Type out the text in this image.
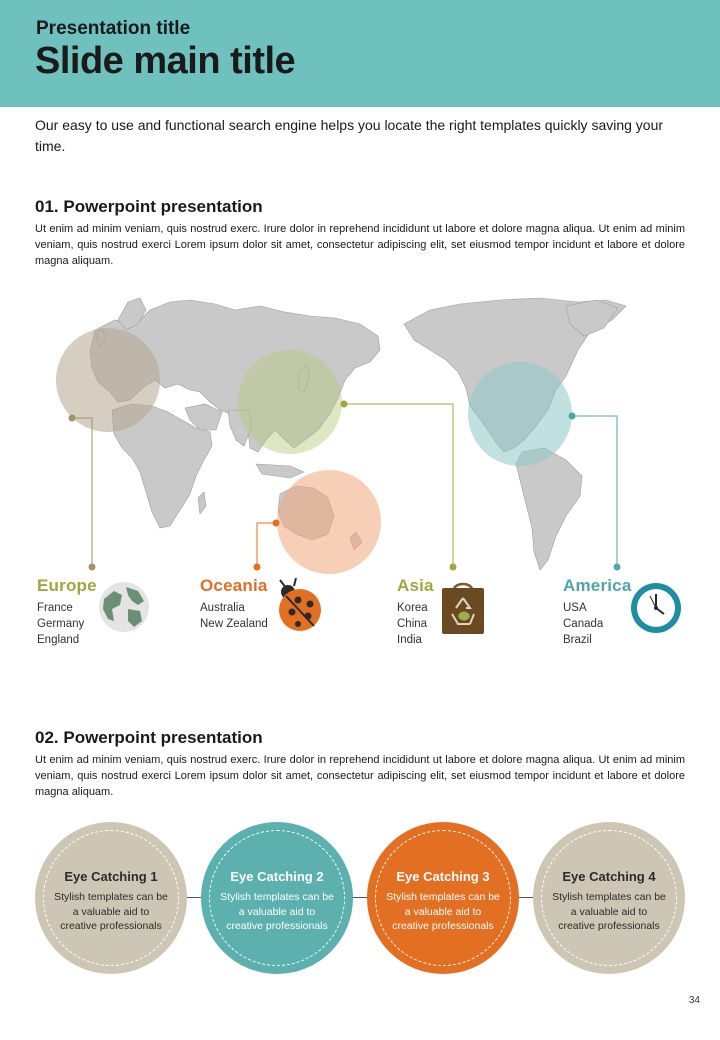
Presentation title
Slide main title
Our easy to use and functional search engine helps you locate the right templates quickly saving your time.
01. Powerpoint presentation
Ut enim ad minim veniam, quis nostrud exerc. Irure dolor in reprehend incididunt ut labore et dolore magna aliqua. Ut enim ad minim veniam, quis nostrud exerci Lorem ipsum dolor sit amet, consectetur adipiscing elit, set eiusmod tempor incidunt et labore et dolore magna aliquam.
Europe
France
Germany
England
Oceania
Australia
New Zealand
Asia
Korea
China
India
America
USA
Canada
Brazil
02. Powerpoint presentation
Ut enim ad minim veniam, quis nostrud exerc. Irure dolor in reprehend incididunt ut labore et dolore magna aliqua. Ut enim ad minim veniam, quis nostrud exerci Lorem ipsum dolor sit amet, consectetur adipiscing elit, set eiusmod tempor incidunt et labore et dolore magna aliquam.
Eye Catching 1
Stylish templates can be a valuable aid to creative professionals
Eye Catching 2
Stylish templates can be a valuable aid to creative professionals
Eye Catching 3
Stylish templates can be a valuable aid to creative professionals
Eye Catching 4
Stylish templates can be a valuable aid to creative professionals
34
